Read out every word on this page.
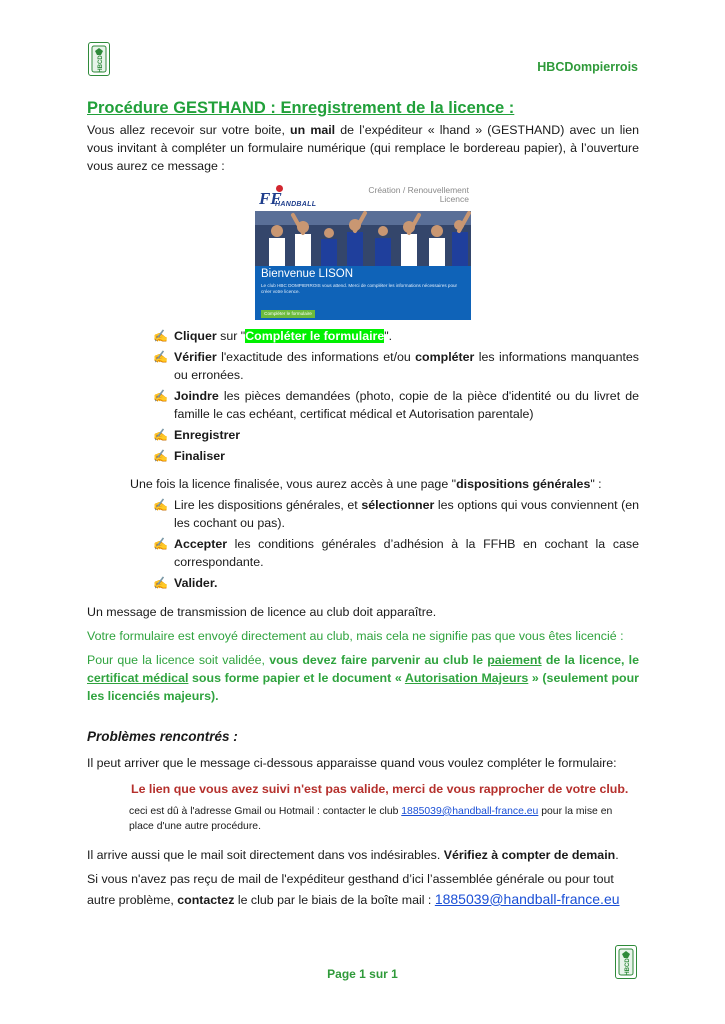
HBCD	HBCDompierrois
Procédure GESTHAND : Enregistrement de la licence :

Vous allez recevoir sur votre boite, un mail de l’expéditeur « lhand » (GESTHAND) avec un lien vous invitant à compléter un formulaire numérique (qui remplace le bordereau papier), à l’ouverture vous aurez ce message :

FF
HANDBALL
Création / Renouvellement
Licence
Bienvenue LISON
Le club HBC DOMPIERROIS vous attend. Merci de compléter les informations nécessaires pour créer votre licence.
Compléter le formulaire
✍ Cliquer sur "Compléter le formulaire".
✍ Vérifier l'exactitude des informations et/ou compléter les informations manquantes ou erronées.
✍ Joindre les pièces demandées (photo, copie de la pièce d'identité ou du livret de famille le cas echéant, certificat médical et Autorisation parentale)
✍ Enregistrer
✍ Finaliser

Une fois la licence finalisée, vous aurez accès à une page "dispositions générales" :

✍ Lire les dispositions générales, et sélectionner les options qui vous conviennent (en les cochant ou pas).
✍ Accepter les conditions générales d’adhésion à la FFHB en cochant la case correspondante.
✍ Valider.

Un message de transmission de licence au club doit apparaître.

Votre formulaire est envoyé directement au club, mais cela ne signifie pas que vous êtes licencié :

Pour que la licence soit validée, vous devez faire parvenir au club le paiement de la licence, le certificat médical sous forme papier et le document « Autorisation Majeurs » (seulement pour les licenciés majeurs).

Problèmes rencontrés :

Il peut arriver que le message ci-dessous apparaisse quand vous voulez compléter le formulaire:

Le lien que vous avez suivi n'est pas valide, merci de vous rapprocher de votre club.

ceci est dû à l'adresse Gmail ou Hotmail : contacter le club 1885039@handball-france.eu pour la mise en place d'une autre procédure.

Il arrive aussi que le mail soit directement dans vos indésirables. Vérifiez à compter de demain.

Si vous n'avez pas reçu de mail de l'expéditeur gesthand d’ici l’assemblée générale ou pour tout autre problème, contactez le club par le biais de la boîte mail : 1885039@handball-france.eu

HBCD
Page 1 sur 1
